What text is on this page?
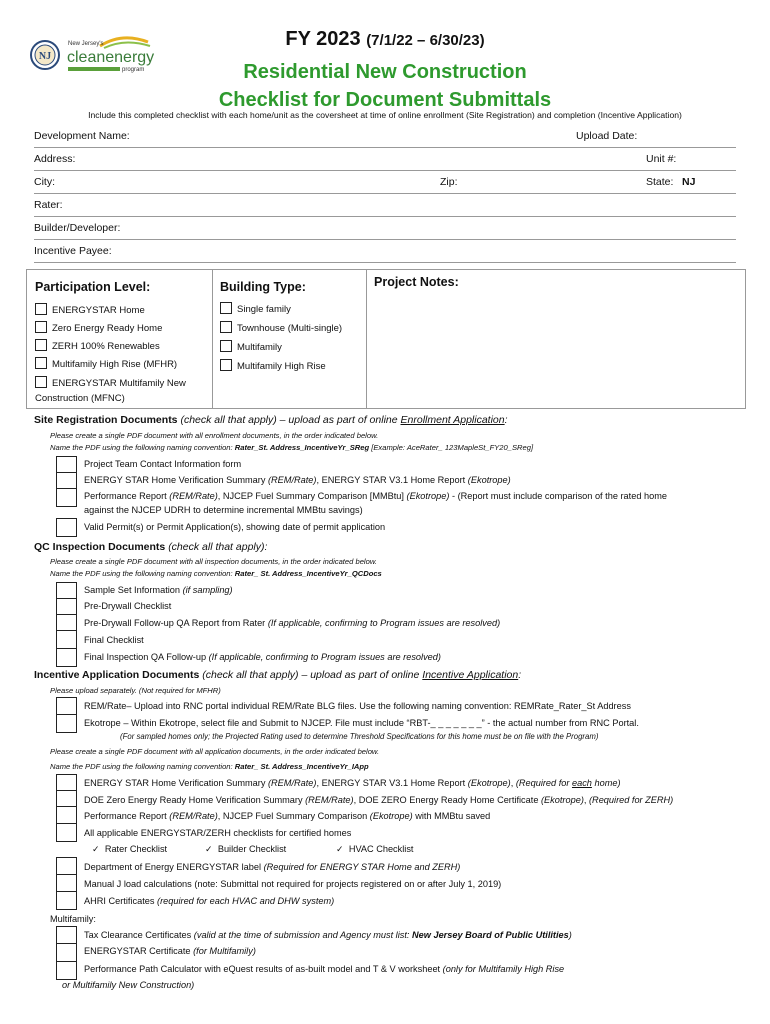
NJ
New Jersey's
cleanenergy
program
FY 2023 (7/1/22 – 6/30/23)
Residential New Construction
Checklist for Document Submittals
Include this completed checklist with each home/unit as the coversheet at time of online enrollment (Site Registration) and completion (Incentive Application)
Development Name:	Upload Date:
Address:	Unit #:
City:	Zip:	State: NJ
Rater:
Builder/Developer:
Incentive Payee:
Participation Level:
ENERGYSTAR Home
Zero Energy Ready Home
ZERH 100% Renewables
Multifamily High Rise (MFHR)
ENERGYSTAR Multifamily New
Construction (MFNC)
Building Type:
Single family
Townhouse (Multi-single)
Multifamily
Multifamily High Rise
Project Notes:
Site Registration Documents (check all that apply) – upload as part of online Enrollment Application:
Please create a single PDF document with all enrollment documents, in the order indicated below.
Name the PDF using the following naming convention: Rater_St. Address_IncentiveYr_SReg [Example: AceRater_ 123MapleSt_FY20_SReg]
Project Team Contact Information form
ENERGY STAR Home Verification Summary (REM/Rate), ENERGY STAR V3.1 Home Report (Ekotrope)
Performance Report (REM/Rate), NJCEP Fuel Summary Comparison [MMBtu] (Ekotrope) - (Report must include comparison of the rated home
against the NJCEP UDRH to determine incremental MMBtu savings)
Valid Permit(s) or Permit Application(s), showing date of permit application
QC Inspection Documents (check all that apply):
Please create a single PDF document with all inspection documents, in the order indicated below.
Name the PDF using the following naming convention: Rater_ St. Address_IncentiveYr_QCDocs
Sample Set Information (if sampling)
Pre-Drywall Checklist
Pre-Drywall Follow-up QA Report from Rater (If applicable, confirming to Program issues are resolved)
Final Checklist
Final Inspection QA Follow-up (If applicable, confirming to Program issues are resolved)
Incentive Application Documents (check all that apply) – upload as part of online Incentive Application:
Please upload separately. (Not required for MFHR)
REM/Rate– Upload into RNC portal individual REM/Rate BLG files. Use the following naming convention: REMRate_Rater_St Address
Ekotrope – Within Ekotrope, select file and Submit to NJCEP. File must include “RBT-_ _ _ _ _ _ _” - the actual number from RNC Portal.
(For sampled homes only; the Projected Rating used to determine Threshold Specifications for this home must be on file with the Program)
Please create a single PDF document with all application documents, in the order indicated below.
Name the PDF using the following naming convention: Rater_ St. Address_IncentiveYr_IApp
ENERGY STAR Home Verification Summary (REM/Rate), ENERGY STAR V3.1 Home Report (Ekotrope), (Required for each home)
DOE Zero Energy Ready Home Verification Summary (REM/Rate), DOE ZERO Energy Ready Home Certificate (Ekotrope), (Required for ZERH)
Performance Report (REM/Rate), NJCEP Fuel Summary Comparison (Ekotrope) with MMBtu saved
All applicable ENERGYSTAR/ZERH checklists for certified homes
✓ Rater Checklist	✓ Builder Checklist	✓ HVAC Checklist
Department of Energy ENERGYSTAR label (Required for ENERGY STAR Home and ZERH)
Manual J load calculations (note: Submittal not required for projects registered on or after July 1, 2019)
AHRI Certificates (required for each HVAC and DHW system)
Multifamily:
Tax Clearance Certificates (valid at the time of submission and Agency must list: New Jersey Board of Public Utilities)
ENERGYSTAR Certificate (for Multifamily)
Performance Path Calculator with eQuest results of as-built model and T & V worksheet (only for Multifamily High Rise
or Multifamily New Construction)
